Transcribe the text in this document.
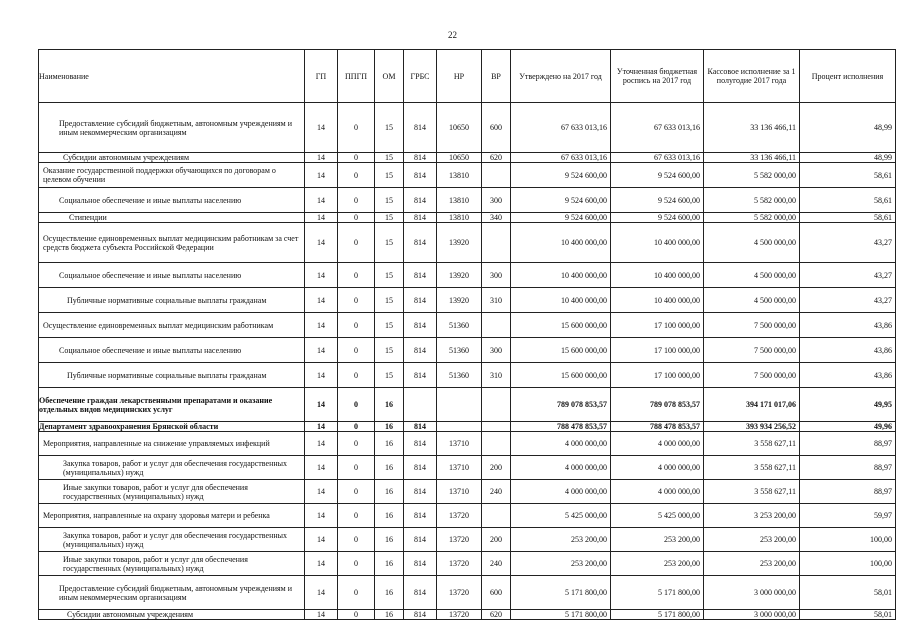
22
Наименование	ГП	ППГП	ОМ	ГРБС	НР	ВР	Утверждено на 2017 год	Уточненная бюджетная роспись на 2017 год	Кассовое исполнение за 1 полугодие 2017 года	Процент исполнения
Предоставление субсидий бюджетным, автономным учреждениям и иным некоммерческим организациям	14	0	15	814	10650	600	67 633 013,16	67 633 013,16	33 136 466,11	48,99
Субсидии автономным учреждениям	14	0	15	814	10650	620	67 633 013,16	67 633 013,16	33 136 466,11	48,99
Оказание государственной поддержки обучающихся по договорам о целевом обучении	14	0	15	814	13810		9 524 600,00	9 524 600,00	5 582 000,00	58,61
Социальное обеспечение и иные выплаты населению	14	0	15	814	13810	300	9 524 600,00	9 524 600,00	5 582 000,00	58,61
Стипендии	14	0	15	814	13810	340	9 524 600,00	9 524 600,00	5 582 000,00	58,61
Осуществление единовременных выплат медицинским работникам за счет средств бюджета субъекта Российской Федерации	14	0	15	814	13920		10 400 000,00	10 400 000,00	4 500 000,00	43,27
Социальное обеспечение и иные выплаты населению	14	0	15	814	13920	300	10 400 000,00	10 400 000,00	4 500 000,00	43,27
Публичные нормативные социальные выплаты гражданам	14	0	15	814	13920	310	10 400 000,00	10 400 000,00	4 500 000,00	43,27
Осуществление единовременных выплат медицинским работникам	14	0	15	814	51360		15 600 000,00	17 100 000,00	7 500 000,00	43,86
Социальное обеспечение и иные выплаты населению	14	0	15	814	51360	300	15 600 000,00	17 100 000,00	7 500 000,00	43,86
Публичные нормативные социальные выплаты гражданам	14	0	15	814	51360	310	15 600 000,00	17 100 000,00	7 500 000,00	43,86
Обеспечение граждан лекарственными препаратами и оказание отдельных видов медицинских услуг	14	0	16				789 078 853,57	789 078 853,57	394 171 017,06	49,95
Департамент здравоохранения Брянской области	14	0	16	814			788 478 853,57	788 478 853,57	393 934 256,52	49,96
Мероприятия, направленные на снижение управляемых инфекций	14	0	16	814	13710		4 000 000,00	4 000 000,00	3 558 627,11	88,97
Закупка товаров, работ и услуг для обеспечения государственных (муниципальных) нужд	14	0	16	814	13710	200	4 000 000,00	4 000 000,00	3 558 627,11	88,97
Иные закупки товаров, работ и услуг для обеспечения государственных (муниципальных) нужд	14	0	16	814	13710	240	4 000 000,00	4 000 000,00	3 558 627,11	88,97
Мероприятия, направленные на охрану здоровья матери и ребенка	14	0	16	814	13720		5 425 000,00	5 425 000,00	3 253 200,00	59,97
Закупка товаров, работ и услуг для обеспечения государственных (муниципальных) нужд	14	0	16	814	13720	200	253 200,00	253 200,00	253 200,00	100,00
Иные закупки товаров, работ и услуг для обеспечения государственных (муниципальных) нужд	14	0	16	814	13720	240	253 200,00	253 200,00	253 200,00	100,00
Предоставление субсидий бюджетным, автономным учреждениям и иным некоммерческим организациям	14	0	16	814	13720	600	5 171 800,00	5 171 800,00	3 000 000,00	58,01
Субсидии автономным учреждениям	14	0	16	814	13720	620	5 171 800,00	5 171 800,00	3 000 000,00	58,01
